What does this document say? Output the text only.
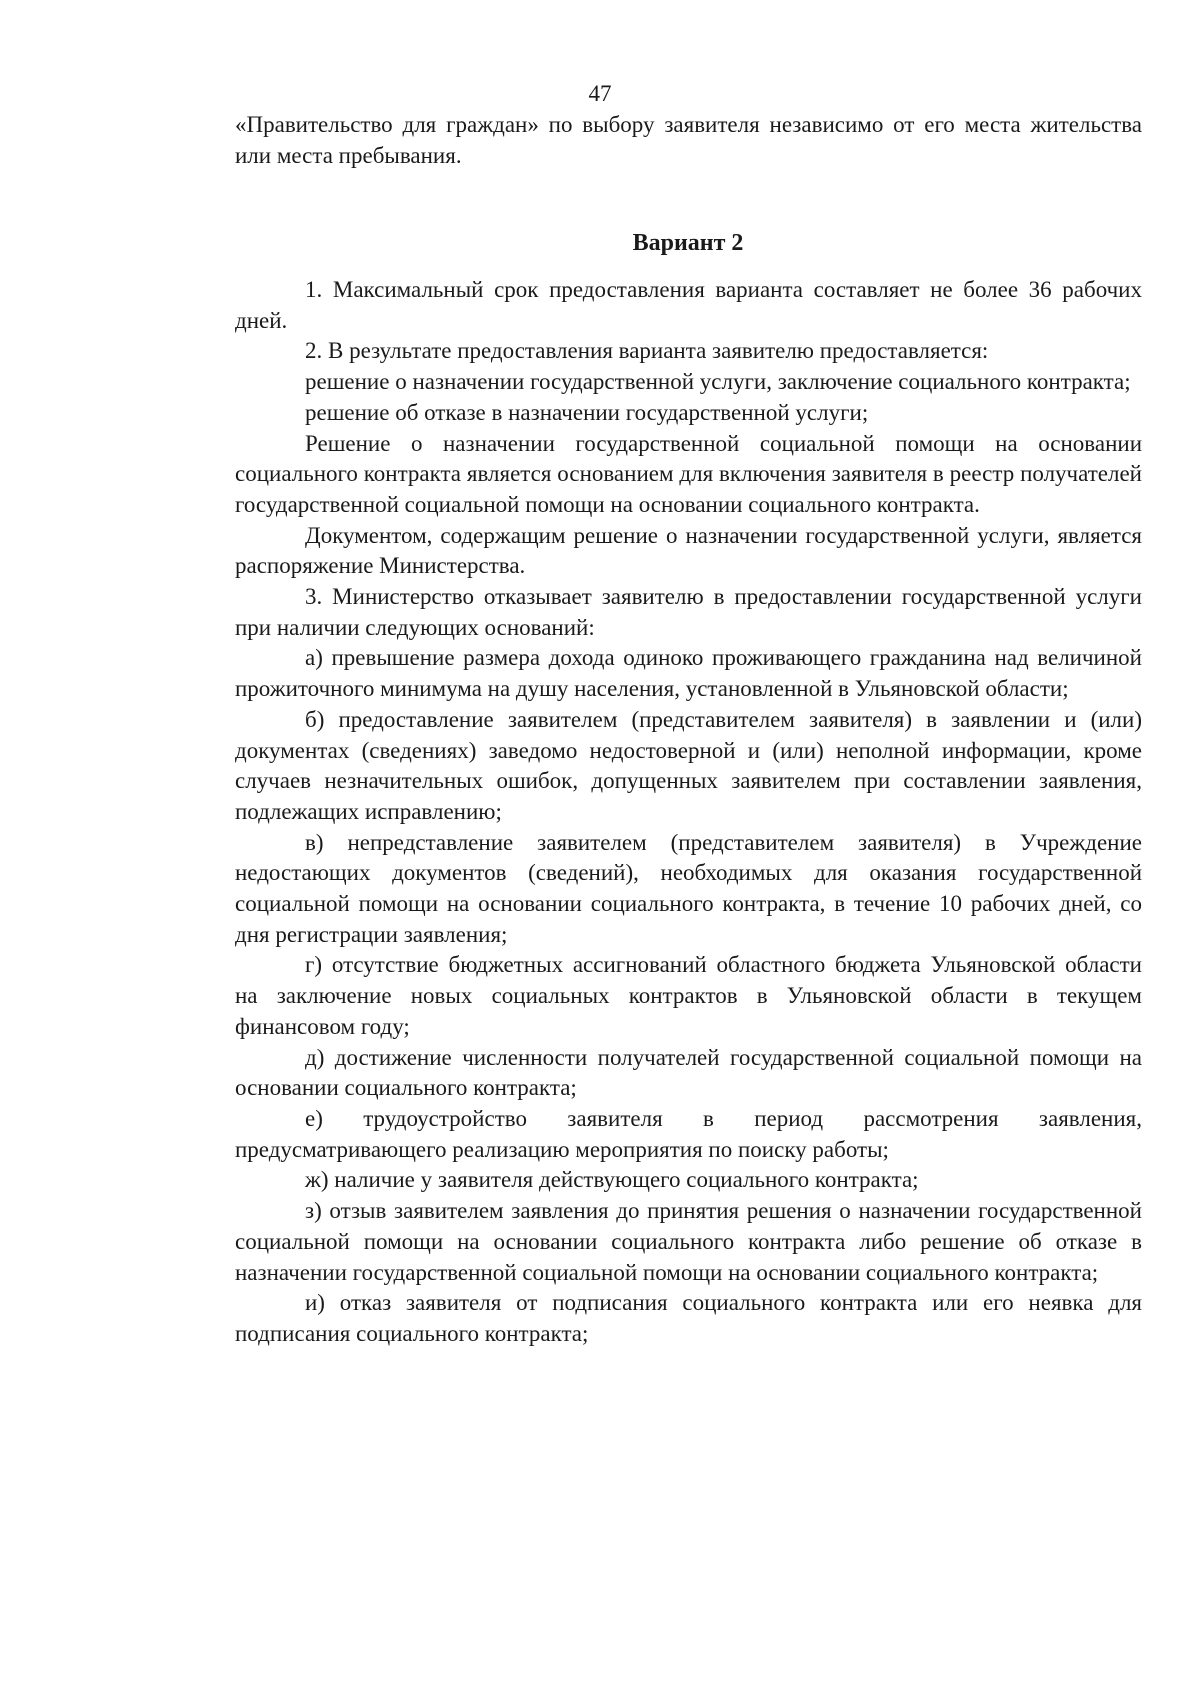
47

«Правительство для граждан» по выбору заявителя независимо от его места жительства или места пребывания.

Вариант 2

1. Максимальный срок предоставления варианта составляет не более 36 рабочих дней.

2. В результате предоставления варианта заявителю предоставляется:

решение о назначении государственной услуги, заключение социального контракта;

решение об отказе в назначении государственной услуги;

Решение о назначении государственной социальной помощи на основании социального контракта является основанием для включения заявителя в реестр получателей государственной социальной помощи на основании социального контракта.

Документом, содержащим решение о назначении государственной услуги, является распоряжение Министерства.

3. Министерство отказывает заявителю в предоставлении государственной услуги при наличии следующих оснований:

а) превышение размера дохода одиноко проживающего гражданина над величиной прожиточного минимума на душу населения, установленной в Ульяновской области;

б) предоставление заявителем (представителем заявителя) в заявлении и (или) документах (сведениях) заведомо недостоверной и (или) неполной информации, кроме случаев незначительных ошибок, допущенных заявителем при составлении заявления, подлежащих исправлению;

в) непредставление заявителем (представителем заявителя) в Учреждение недостающих документов (сведений), необходимых для оказания государственной социальной помощи на основании социального контракта, в течение 10 рабочих дней, со дня регистрации заявления;

г) отсутствие бюджетных ассигнований областного бюджета Ульяновской области на заключение новых социальных контрактов в Ульяновской области в текущем финансовом году;

д) достижение численности получателей государственной социальной помощи на основании социального контракта;

е) трудоустройство заявителя в период рассмотрения заявления, предусматривающего реализацию мероприятия по поиску работы;

ж) наличие у заявителя действующего социального контракта;

з) отзыв заявителем заявления до принятия решения о назначении государственной социальной помощи на основании социального контракта либо решение об отказе в назначении государственной социальной помощи на основании социального контракта;

и) отказ заявителя от подписания социального контракта или его неявка для подписания социального контракта;
